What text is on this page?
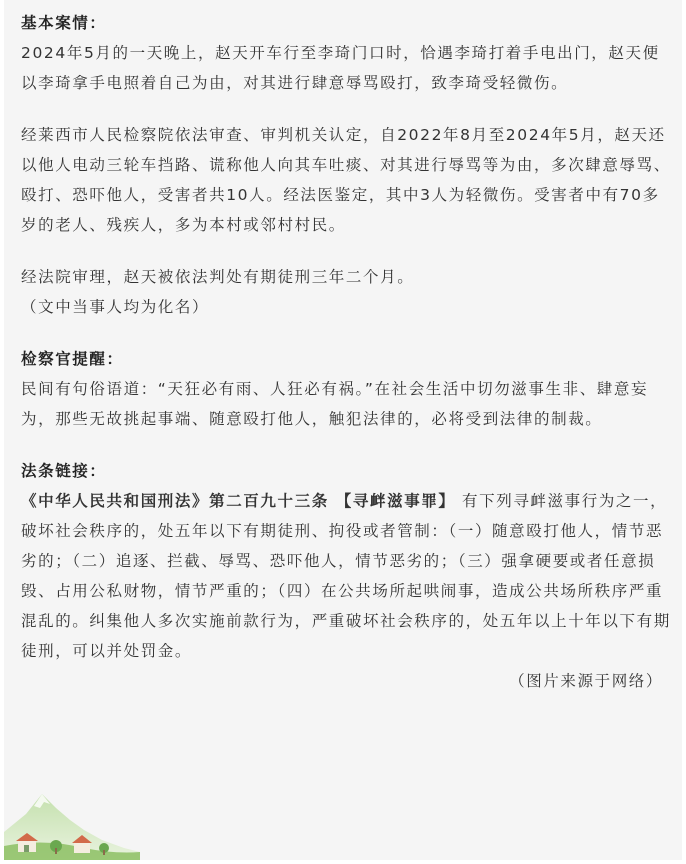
基本案情：

2024年5月的一天晚上，赵天开车行至李琦门口时，恰遇李琦打着手电出门，赵天便以李琦拿手电照着自己为由，对其进行肆意辱骂殴打，致李琦受轻微伤。

经莱西市人民检察院依法审查、审判机关认定，自2022年8月至2024年5月，赵天还以他人电动三轮车挡路、谎称他人向其车吐痰、对其进行辱骂等为由，多次肆意辱骂、殴打、恐吓他人，受害者共10人。经法医鉴定，其中3人为轻微伤。受害者中有70多岁的老人、残疾人，多为本村或邻村村民。

经法院审理，赵天被依法判处有期徒刑三年二个月。

（文中当事人均为化名）

检察官提醒：

民间有句俗语道：“天狂必有雨、人狂必有祸。”在社会生活中切勿滋事生非、肆意妄为，那些无故挑起事端、随意殴打他人，触犯法律的，必将受到法律的制裁。

法条链接：

《中华人民共和国刑法》第二百九十三条 【寻衅滋事罪】 有下列寻衅滋事行为之一，破坏社会秩序的，处五年以下有期徒刑、拘役或者管制：（一）随意殴打他人，情节恶劣的；（二）追逐、拦截、辱骂、恐吓他人，情节恶劣的；（三）强拿硬要或者任意损毁、占用公私财物，情节严重的；（四）在公共场所起哄闹事，造成公共场所秩序严重混乱的。纠集他人多次实施前款行为，严重破坏社会秩序的，处五年以上十年以下有期徒刑，可以并处罚金。

（图片来源于网络）
